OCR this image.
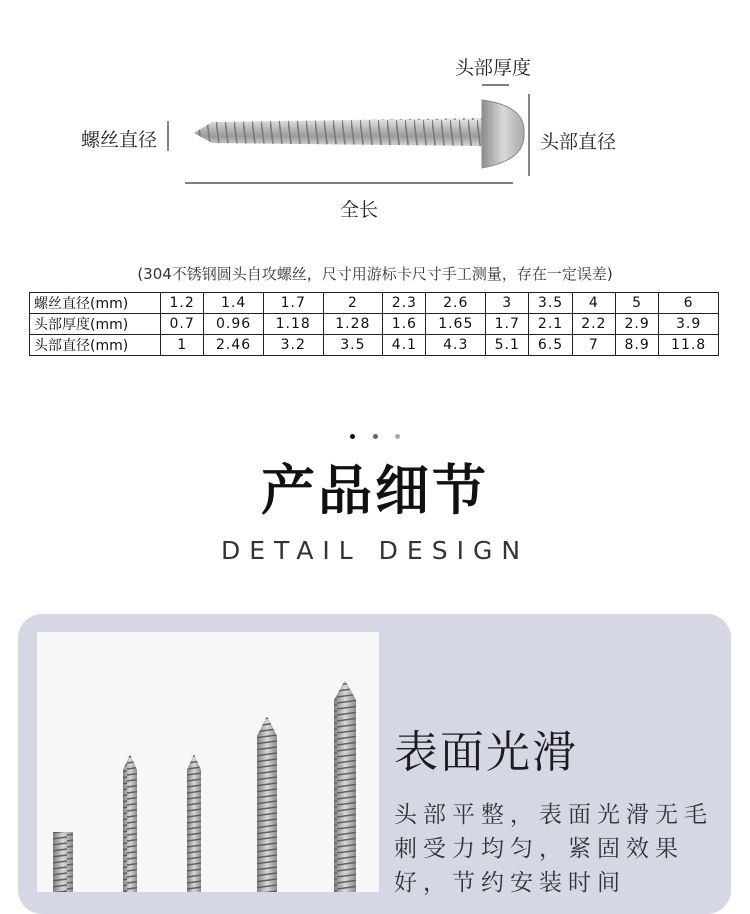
头部厚度
螺丝直径	头部直径
全长
(304不锈钢圆头自攻螺丝，尺寸用游标卡尺寸手工测量，存在一定误差)
螺丝直径(mm)	1.2	1.4	1.7	2	2.3	2.6	3	3.5	4	5	6
头部厚度(mm)	0.7	0.96	1.18	1.28	1.6	1.65	1.7	2.1	2.2	2.9	3.9
头部直径(mm)	1	2.46	3.2	3.5	4.1	4.3	5.1	6.5	7	8.9	11.8

产品细节
DETAIL DESIGN
表面光滑
头部平整，表面光滑无毛刺受力均匀，紧固效果好，节约安装时间
